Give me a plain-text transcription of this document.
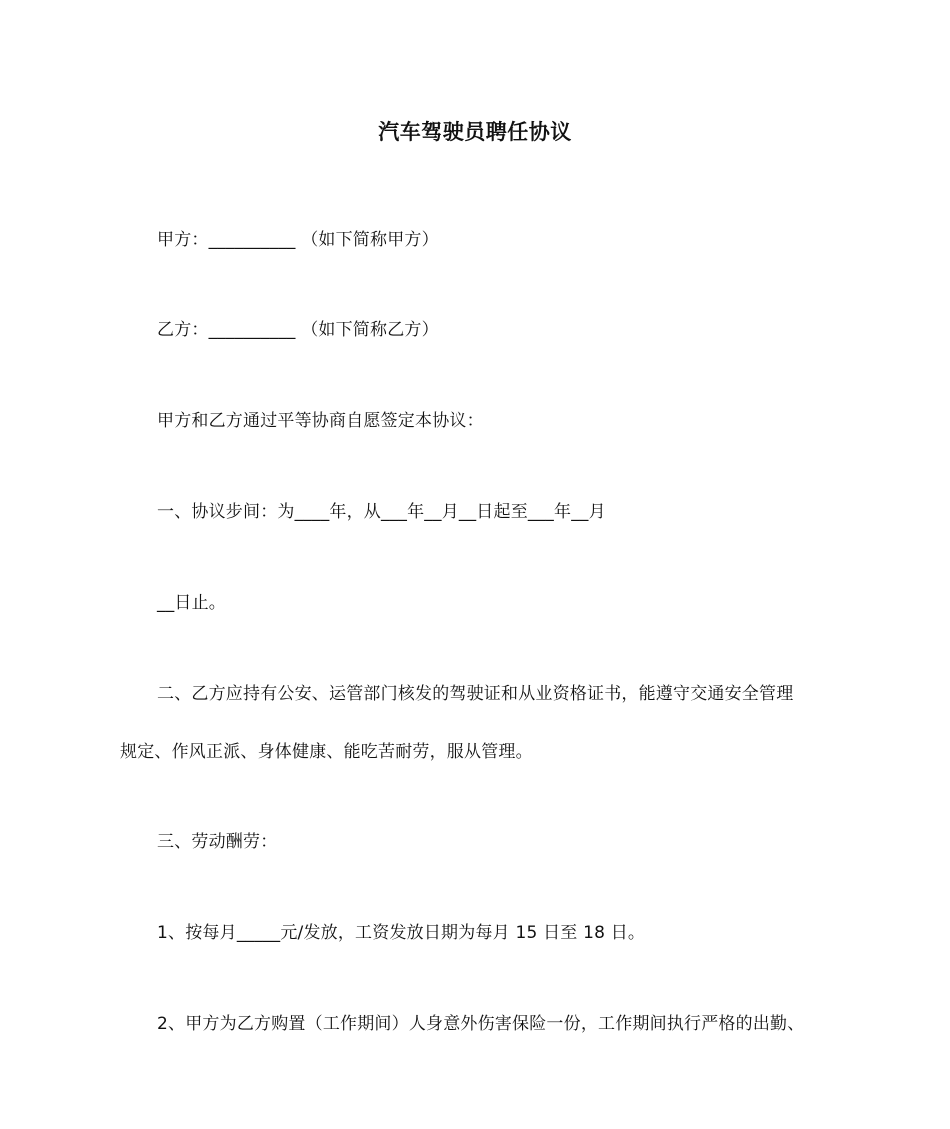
汽车驾驶员聘任协议
甲方：__________ （如下简称甲方）
乙方：__________ （如下简称乙方）
甲方和乙方通过平等协商自愿签定本协议：
一、协议步间：为____年，从___年__月__日起至___年__月
__日止。
二、乙方应持有公安、运管部门核发的驾驶证和从业资格证书，能遵守交通安全管理
规定、作风正派、身体健康、能吃苦耐劳，服从管理。
三、劳动酬劳：
1、按每月_____元/发放，工资发放日期为每月 15 日至 18 日。
2、甲方为乙方购置（工作期间）人身意外伤害保险一份，工作期间执行严格的出勤、
